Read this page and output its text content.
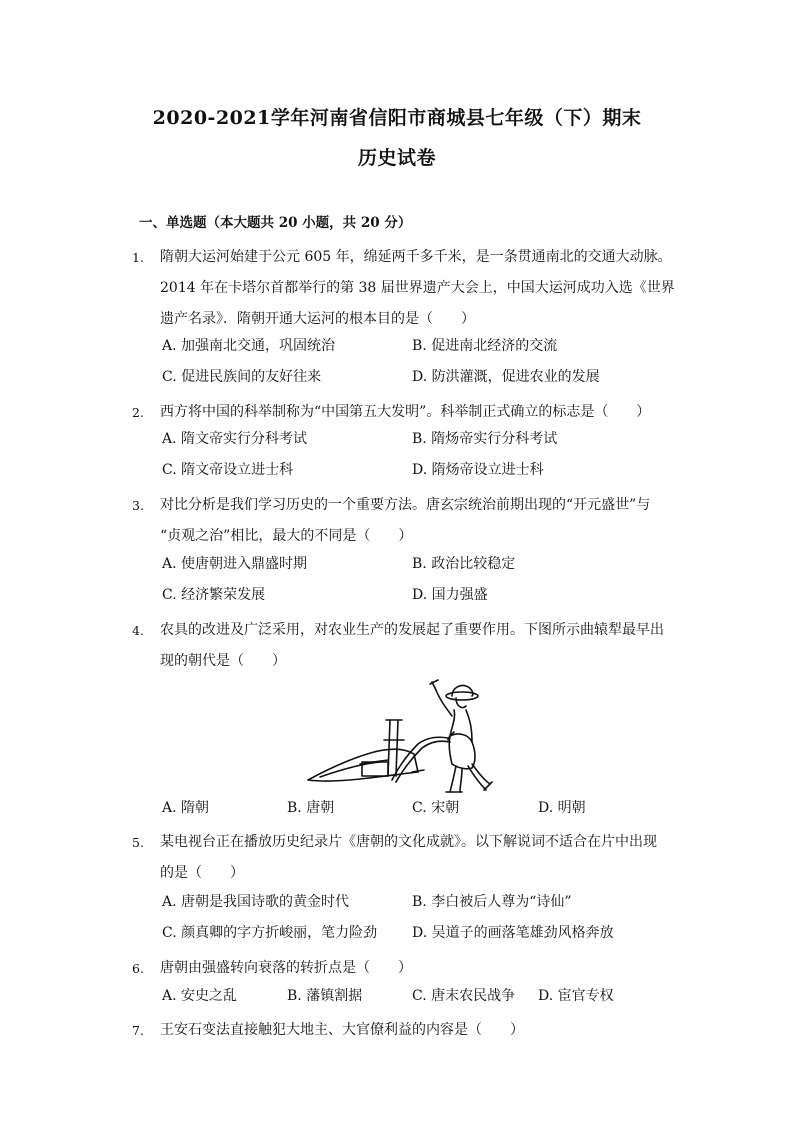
2020-2021学年河南省信阳市商城县七年级（下）期末
历史试卷
一、单选题（本大题共 20 小题，共 20 分）
1. 隋朝大运河始建于公元 605 年，绵延两千多千米，是一条贯通南北的交通大动脉。
2014 年在卡塔尔首都举行的第 38 届世界遗产大会上，中国大运河成功入选《世界
遗产名录》．隋朝开通大运河的根本目的是（　　）
A. 加强南北交通，巩固统治	B. 促进南北经济的交流
C. 促进民族间的友好往来	D. 防洪灌溉，促进农业的发展
2. 西方将中国的科举制称为“中国第五大发明”。科举制正式确立的标志是（　　）
A. 隋文帝实行分科考试	B. 隋炀帝实行分科考试
C. 隋文帝设立进士科	D. 隋炀帝设立进士科
3. 对比分析是我们学习历史的一个重要方法。唐玄宗统治前期出现的“开元盛世”与
“贞观之治”相比，最大的不同是（　　）
A. 使唐朝进入鼎盛时期	B. 政治比较稳定
C. 经济繁荣发展	D. 国力强盛
4. 农具的改进及广泛采用，对农业生产的发展起了重要作用。下图所示曲辕犁最早出
现的朝代是（　　）
A. 隋朝	B. 唐朝	C. 宋朝	D. 明朝
5. 某电视台正在播放历史纪录片《唐朝的文化成就》。以下解说词不适合在片中出现
的是（　　）
A. 唐朝是我国诗歌的黄金时代	B. 李白被后人尊为“诗仙”
C. 颜真卿的字方折峻丽，笔力险劲 D. 吴道子的画落笔雄劲风格奔放
6. 唐朝由强盛转向衰落的转折点是（　　）
A. 安史之乱	B. 藩镇割据	C. 唐末农民战争 D. 宦官专权
7. 王安石变法直接触犯大地主、大官僚利益的内容是（　　）
